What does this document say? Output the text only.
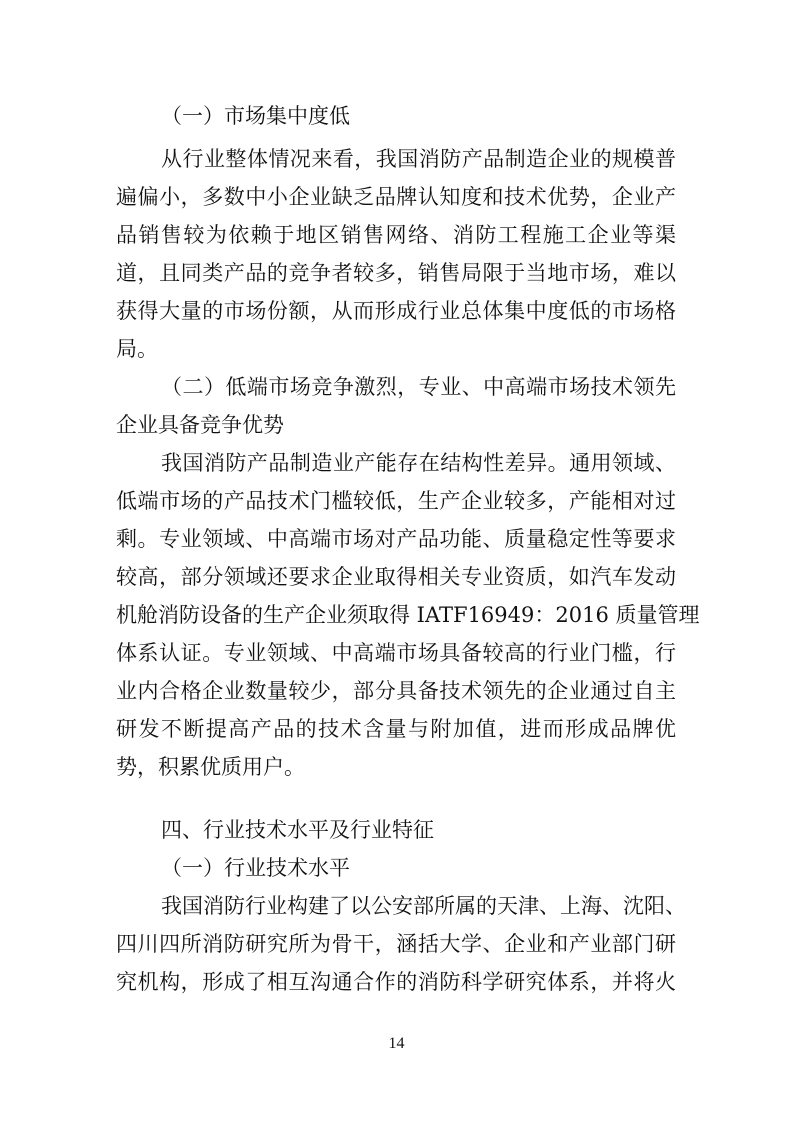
（一）市场集中度低
从行业整体情况来看，我国消防产品制造企业的规模普
遍偏小，多数中小企业缺乏品牌认知度和技术优势，企业产
品销售较为依赖于地区销售网络、消防工程施工企业等渠
道，且同类产品的竞争者较多，销售局限于当地市场，难以
获得大量的市场份额，从而形成行业总体集中度低的市场格
局。
（二）低端市场竞争激烈，专业、中高端市场技术领先
企业具备竞争优势
我国消防产品制造业产能存在结构性差异。通用领域、
低端市场的产品技术门槛较低，生产企业较多，产能相对过
剩。专业领域、中高端市场对产品功能、质量稳定性等要求
较高，部分领域还要求企业取得相关专业资质，如汽车发动
机舱消防设备的生产企业须取得 IATF16949：2016 质量管理
体系认证。专业领域、中高端市场具备较高的行业门槛，行
业内合格企业数量较少，部分具备技术领先的企业通过自主
研发不断提高产品的技术含量与附加值，进而形成品牌优
势，积累优质用户。
四、行业技术水平及行业特征
（一）行业技术水平
我国消防行业构建了以公安部所属的天津、上海、沈阳、
四川四所消防研究所为骨干，涵括大学、企业和产业部门研
究机构，形成了相互沟通合作的消防科学研究体系，并将火
14
